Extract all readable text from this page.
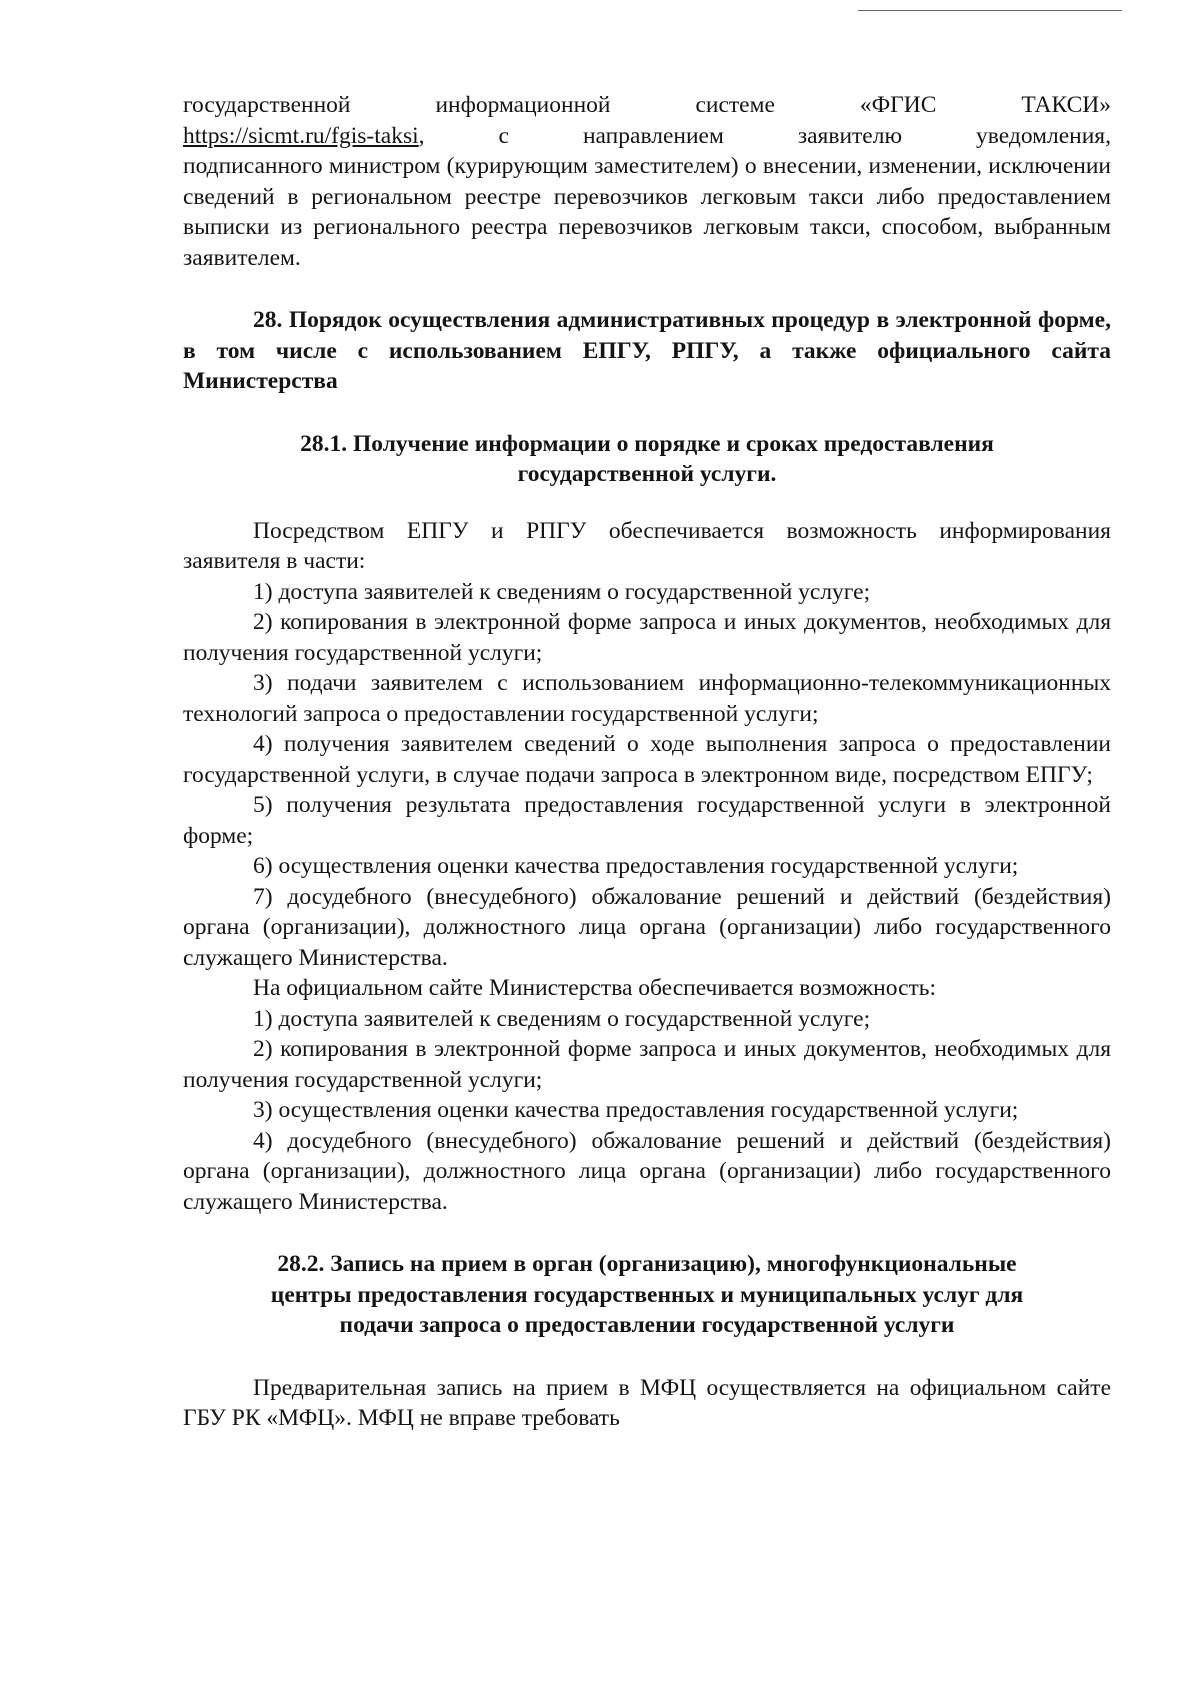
государственной информационной системе «ФГИС ТАКСИ»

https://sicmt.ru/fgis-taksi, с направлением заявителю уведомления,

подписанного министром (курирующим заместителем) о внесении, изменении, исключении сведений в региональном реестре перевозчиков легковым такси либо предоставлением выписки из регионального реестра перевозчиков легковым такси, способом, выбранным заявителем.

28. Порядок осуществления административных процедур в электронной форме, в том числе с использованием ЕПГУ, РПГУ, а также официального сайта Министерства

28.1. Получение информации о порядке и сроках предоставления

государственной услуги.

Посредством ЕПГУ и РПГУ обеспечивается возможность информирования заявителя в части:

1) доступа заявителей к сведениям о государственной услуге;

2) копирования в электронной форме запроса и иных документов, необходимых для получения государственной услуги;

3) подачи заявителем с использованием информационно-телекоммуникационных технологий запроса о предоставлении государственной услуги;

4) получения заявителем сведений о ходе выполнения запроса о предоставлении государственной услуги, в случае подачи запроса в электронном виде, посредством ЕПГУ;

5) получения результата предоставления государственной услуги в электронной форме;

6) осуществления оценки качества предоставления государственной услуги;

7) досудебного (внесудебного) обжалование решений и действий (бездействия) органа (организации), должностного лица органа (организации) либо государственного служащего Министерства.

На официальном сайте Министерства обеспечивается возможность:

1) доступа заявителей к сведениям о государственной услуге;

2) копирования в электронной форме запроса и иных документов, необходимых для получения государственной услуги;

3) осуществления оценки качества предоставления государственной услуги;

4) досудебного (внесудебного) обжалование решений и действий (бездействия) органа (организации), должностного лица органа (организации) либо государственного служащего Министерства.

28.2. Запись на прием в орган (организацию), многофункциональные

центры предоставления государственных и муниципальных услуг для

подачи запроса о предоставлении государственной услуги

Предварительная запись на прием в МФЦ осуществляется на официальном сайте ГБУ РК «МФЦ». МФЦ не вправе требовать
